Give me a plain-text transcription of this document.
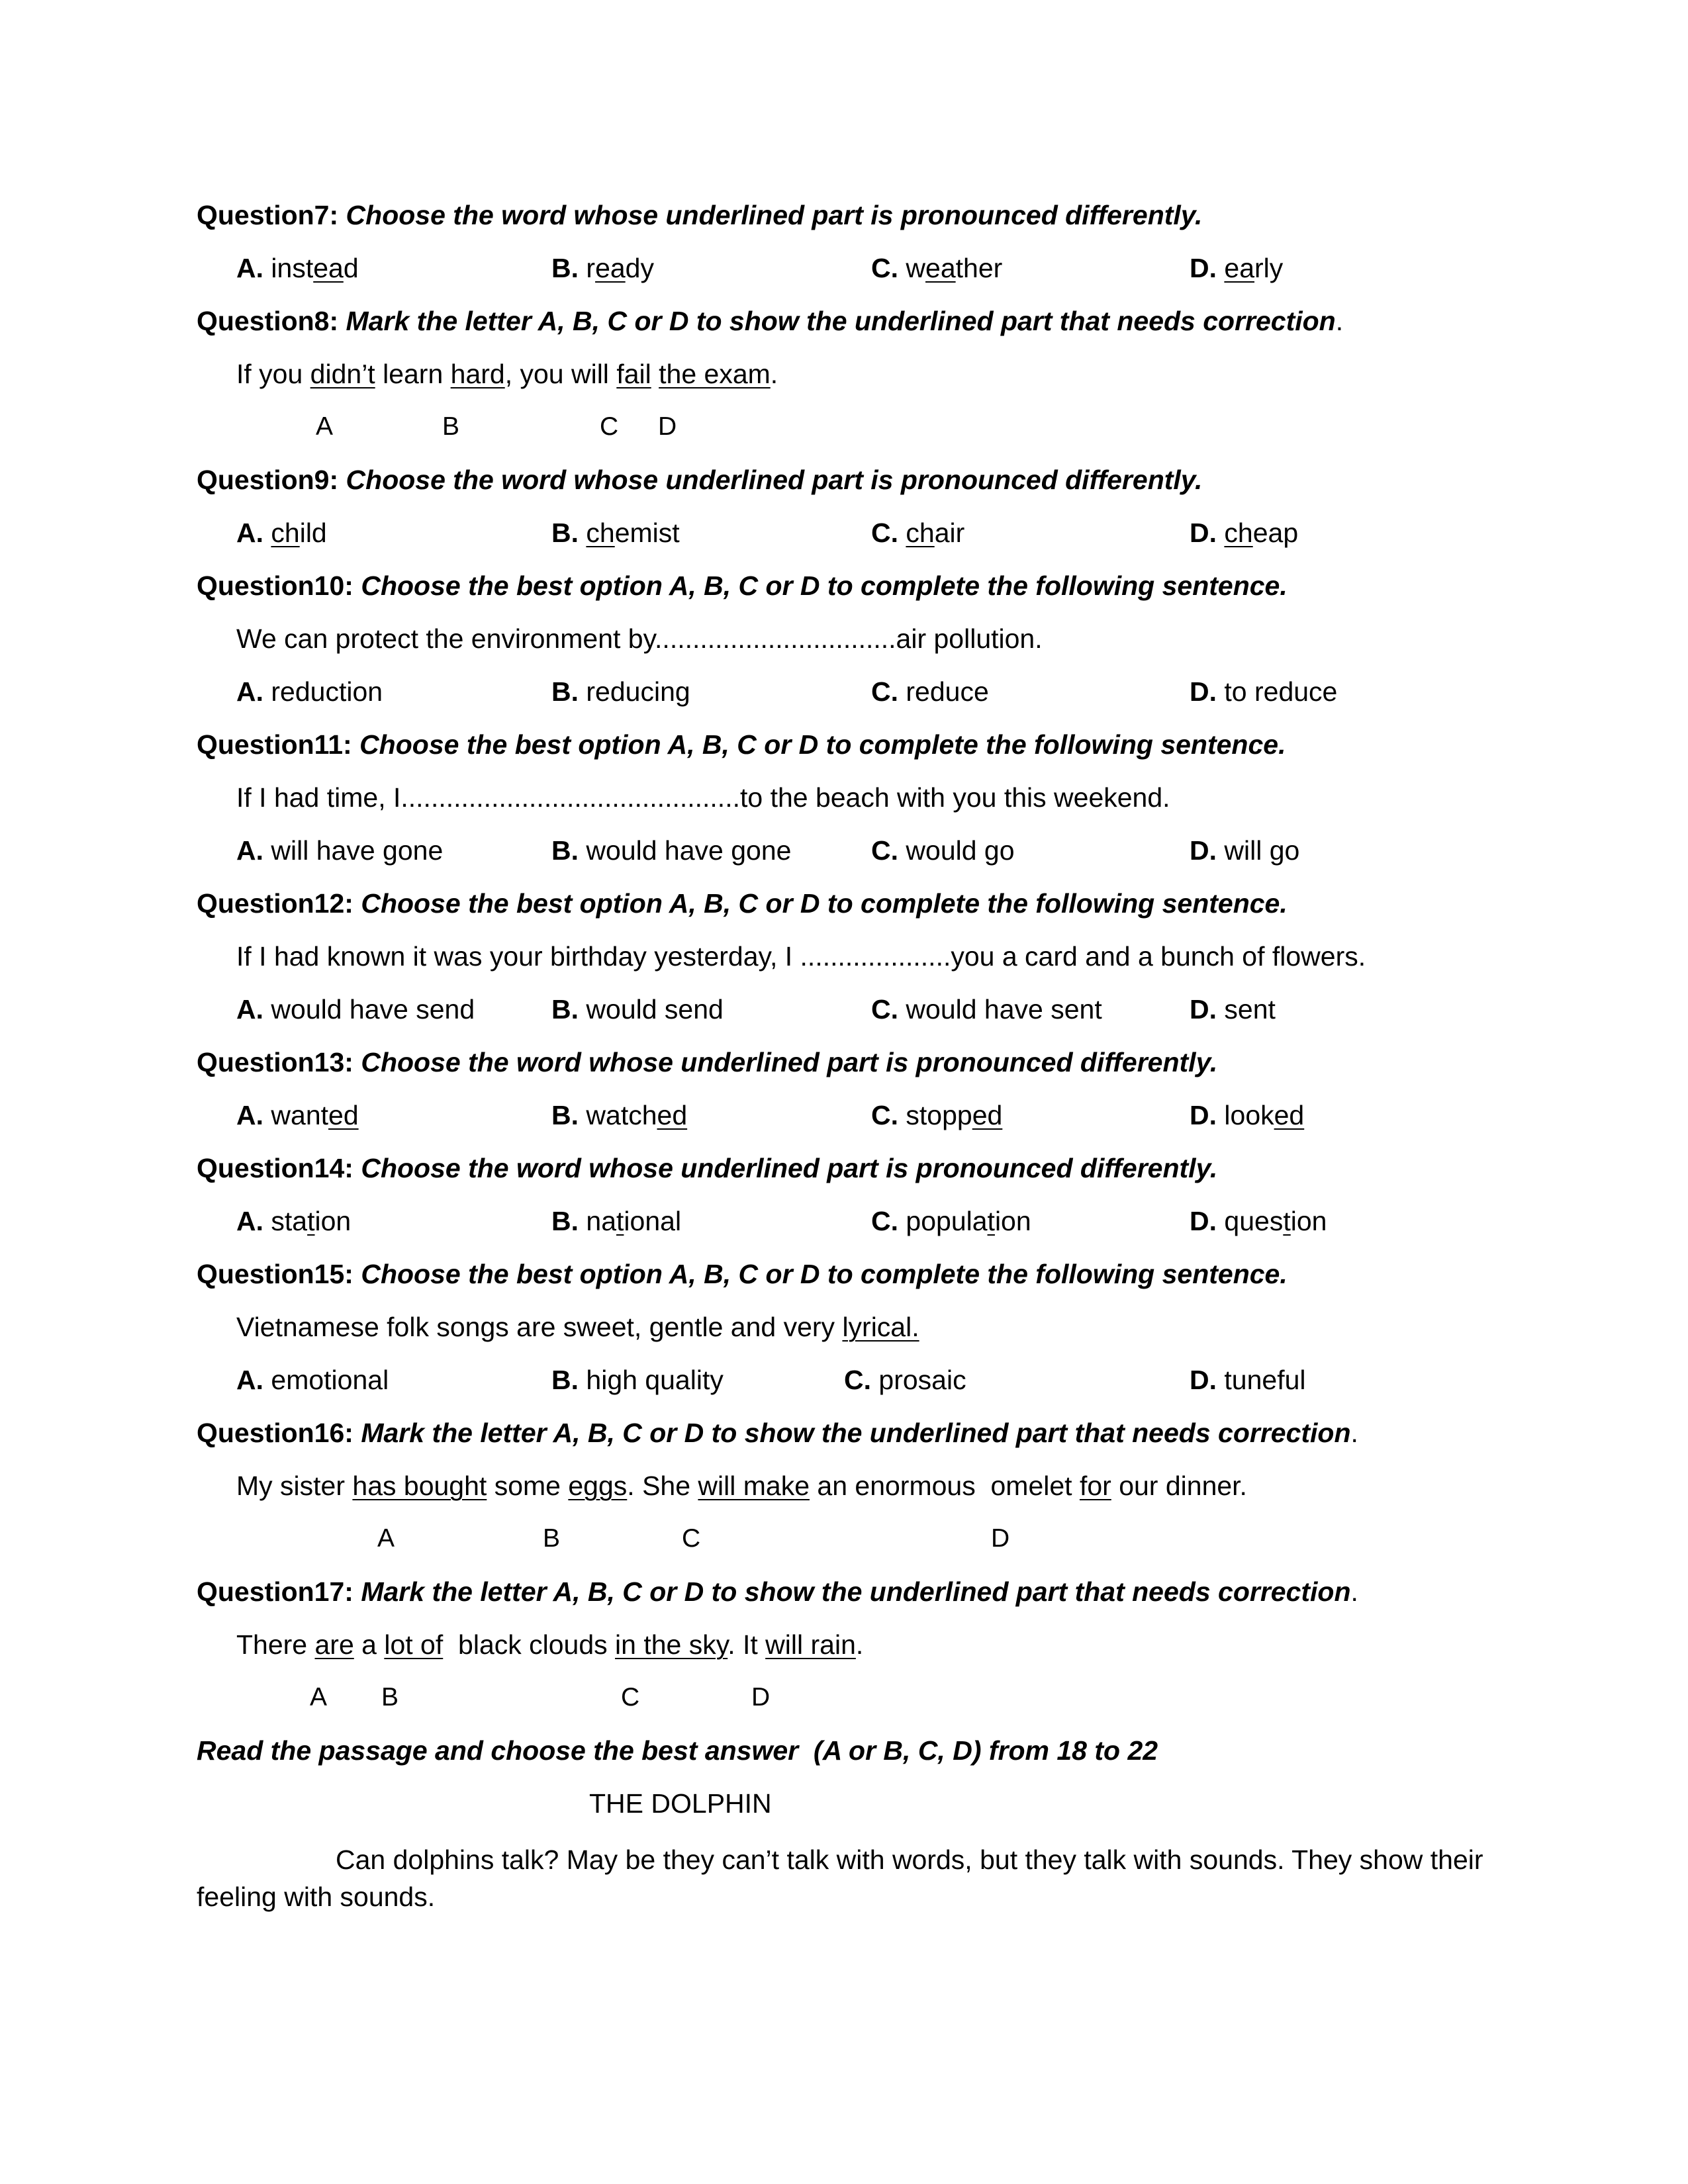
Question7: Choose the word whose underlined part is pronounced differently.
A. instead	B. ready	C. weather	D. early
Question8: Mark the letter A, B, C or D to show the underlined part that needs correction.
If you didn’t learn hard, you will fail the exam.
A	B	C D
Question9: Choose the word whose underlined part is pronounced differently.
A. child	B. chemist	C. chair	D. cheap
Question10: Choose the best option A, B, C or D to complete the following sentence.
We can protect the environment by................................air pollution.
A. reduction	B. reducing	C. reduce	D. to reduce
Question11: Choose the best option A, B, C or D to complete the following sentence.
If I had time, I.............................................to the beach with you this weekend.
A. will have gone	B. would have gone	C. would go	D. will go
Question12: Choose the best option A, B, C or D to complete the following sentence.
If I had known it was your birthday yesterday, I ....................you a card and a bunch of flowers.
A. would have send	B. would send	C. would have sent	D. sent
Question13: Choose the word whose underlined part is pronounced differently.
A. wanted	B. watched	C. stopped	D. looked
Question14: Choose the word whose underlined part is pronounced differently.
A. station	B. national	C. population	D. question
Question15: Choose the best option A, B, C or D to complete the following sentence.
Vietnamese folk songs are sweet, gentle and very lyrical.
A. emotional	B. high quality	C. prosaic	D. tuneful
Question16: Mark the letter A, B, C or D to show the underlined part that needs correction.
My sister has bought some eggs. She will make an enormous  omelet for our dinner.
A	B	C	D
Question17: Mark the letter A, B, C or D to show the underlined part that needs correction.
There are a lot of  black clouds in the sky. It will rain.
A B	C	D
Read the passage and choose the best answer  (A or B, C, D) from 18 to 22
THE DOLPHIN
Can dolphins talk? May be they can’t talk with words, but they talk with sounds. They show their feeling with sounds.
